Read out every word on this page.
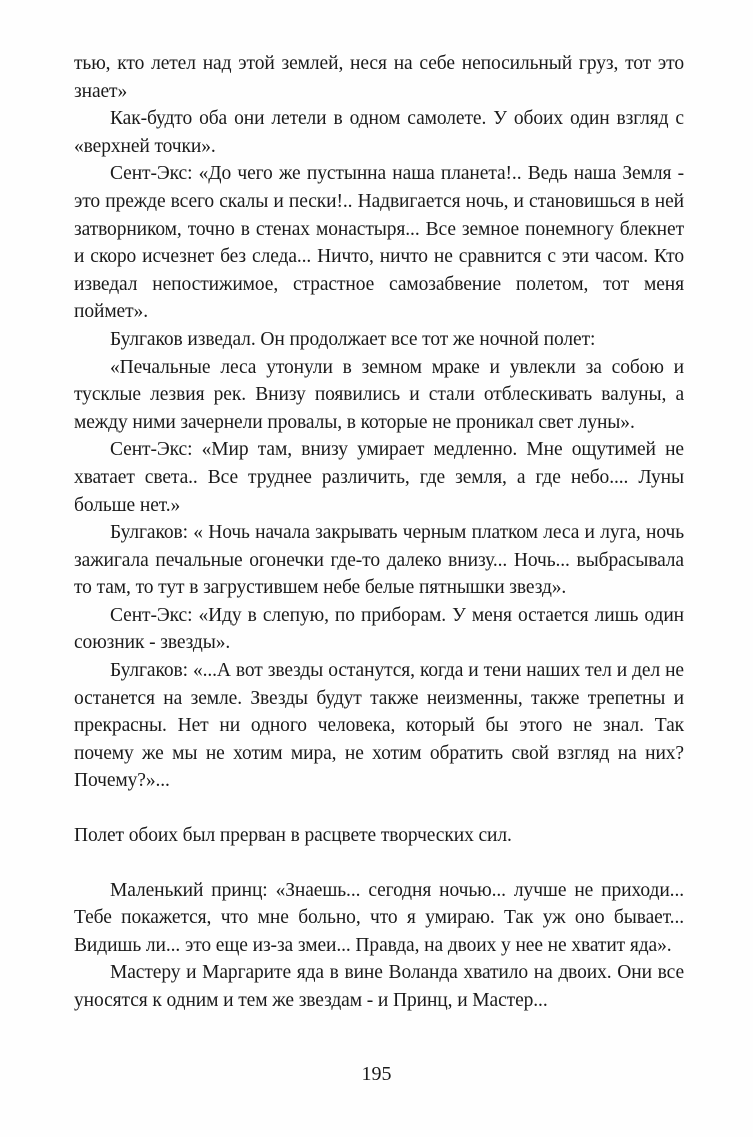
тью, кто летел над этой землей, неся на себе непосильный груз, тот это знает»

Как-будто оба они летели в одном самолете. У обоих один взгляд с «верхней точки».

Сент-Экс: «До чего же пустынна наша планета!.. Ведь наша Земля - это прежде всего скалы и пески!.. Надвигается ночь, и становишься в ней затворником, точно в стенах монастыря... Все земное понемногу блекнет и скоро исчезнет без следа... Ничто, ничто не сравнится с эти часом. Кто изведал непостижимое, страстное самозабвение полетом, тот меня поймет».

Булгаков изведал. Он продолжает все тот же ночной полет:

«Печальные леса утонули в земном мраке и увлекли за собою и тусклые лезвия рек. Внизу появились и стали отблескивать валуны, а между ними зачернели провалы, в которые не проникал свет луны».

Сент-Экс: «Мир там, внизу умирает медленно. Мне ощутимей не хватает света.. Все труднее различить, где земля, а где небо.... Луны больше нет.»

Булгаков: « Ночь начала закрывать черным платком леса и луга, ночь зажигала печальные огонечки где-то далеко внизу... Ночь... выбрасывала то там, то тут в загрустившем небе белые пятнышки звезд».

Сент-Экс: «Иду в слепую, по приборам. У меня остается лишь один союзник - звезды».

Булгаков: «...А вот звезды останутся, когда и тени наших тел и дел не останется на земле. Звезды будут также неизменны, также трепетны и прекрасны. Нет ни одного человека, который бы этого не знал. Так почему же мы не хотим мира, не хотим обратить свой взгляд на них? Почему?»...

Полет обоих был прерван в расцвете творческих сил.

Маленький принц: «Знаешь... сегодня ночью... лучше не приходи... Тебе покажется, что мне больно, что я умираю. Так уж оно бывает... Видишь ли... это еще из-за змеи... Правда, на двоих у нее не хватит яда».

Мастеру и Маргарите яда в вине Воланда хватило на двоих. Они все уносятся к одним и тем же звездам - и Принц, и Мастер...

195
